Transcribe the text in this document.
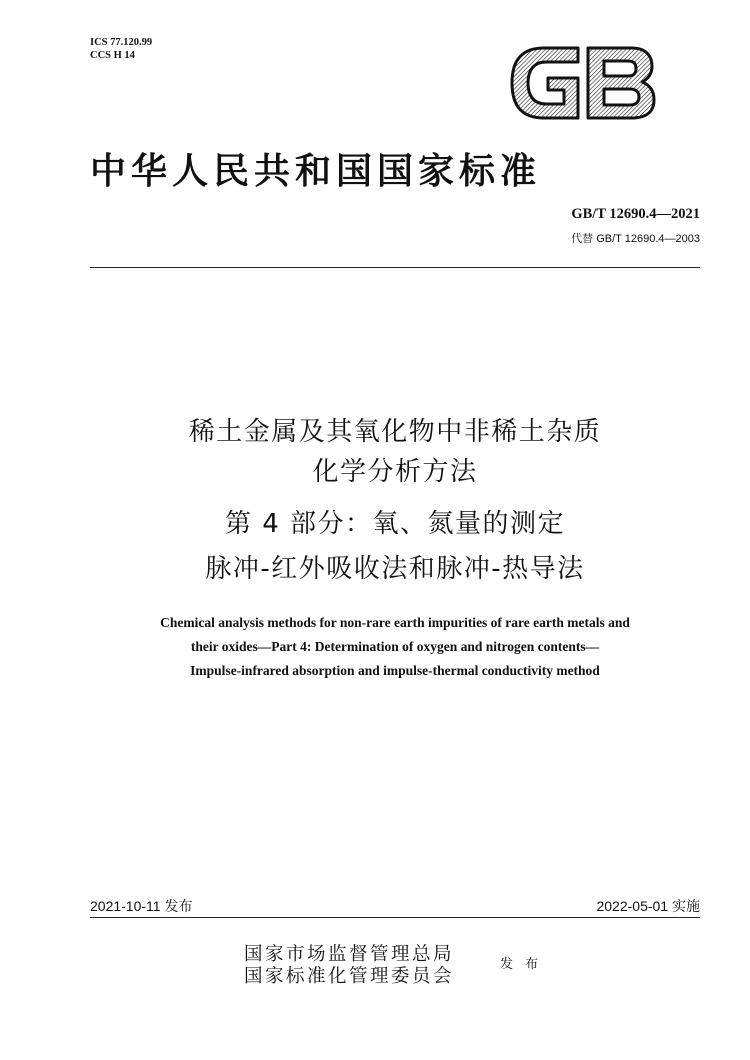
ICS 77.120.99
CCS H 14
中华人民共和国国家标准
GB/T 12690.4—2021
代替 GB/T 12690.4—2003
稀土金属及其氧化物中非稀土杂质
化学分析方法
第 4 部分：氧、氮量的测定
脉冲-红外吸收法和脉冲-热导法
Chemical analysis methods for non-rare earth impurities of rare earth metals and
their oxides—Part 4: Determination of oxygen and nitrogen contents—
Impulse-infrared absorption and impulse-thermal conductivity method
2021-10-11 发布	2022-05-01 实施
国家市场监督管理总局
国家标准化管理委员会
发 布
